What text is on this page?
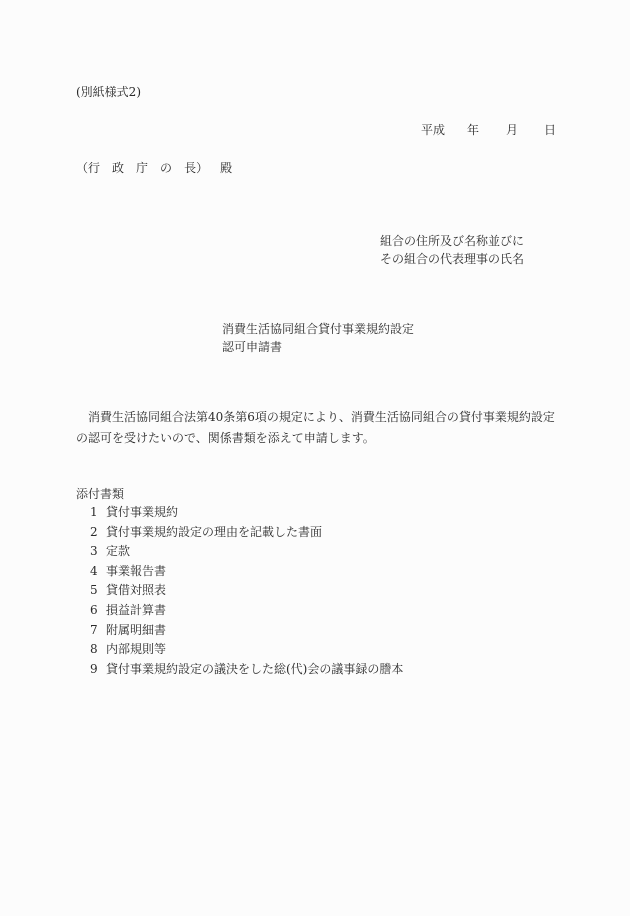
(別紙様式2)
平成 年 月 日
（行 政 庁 の 長） 殿
組合の住所及び名称並びに
その組合の代表理事の氏名
消費生活協同組合貸付事業規約設定
認可申請書
消費生活協同組合法第40条第6項の規定により、消費生活協同組合の貸付事業規約設定の認可を受けたいので、関係書類を添えて申請します。
添付書類
1 貸付事業規約
2 貸付事業規約設定の理由を記載した書面
3 定款
4 事業報告書
5 貸借対照表
6 損益計算書
7 附属明細書
8 内部規則等
9 貸付事業規約設定の議決をした総(代)会の議事録の謄本
